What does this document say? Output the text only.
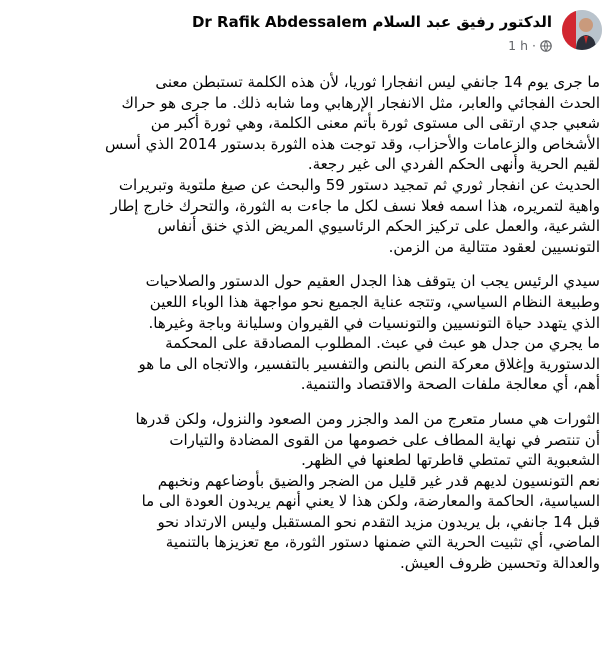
Dr Rafik Abdessalem الدكتور رفيق عبد السلام
1 h ·

ما جرى يوم 14 جانفي ليس انفجارا ثوريا، لأن هذه الكلمة تستبطن معنى
الحدث الفجائي والعابر، مثل الانفجار الإرهابي وما شابه ذلك. ما جرى هو حراك
شعبي جدي ارتقى الى مستوى ثورة بأتم معنى الكلمة، وهي ثورة أكبر من
الأشخاص والزعامات والأحزاب، وقد توجت هذه الثورة بدستور 2014 الذي أسس
لقيم الحرية وأنهى الحكم الفردي الى غير رجعة.
الحديث عن انفجار ثوري ثم تمجيد دستور 59 والبحث عن صيغ ملتوية وتبريرات
واهية لتمريره، هذا اسمه فعلا نسف لكل ما جاءت به الثورة، والتحرك خارج إطار
الشرعية، والعمل على تركيز الحكم الرئاسيوي المريض الذي خنق أنفاس
التونسيين لعقود متتالية من الزمن.

سيدي الرئيس يجب ان يتوقف هذا الجدل العقيم حول الدستور والصلاحيات
وطبيعة النظام السياسي، وتتجه عناية الجميع نحو مواجهة هذا الوباء اللعين
الذي يتهدد حياة التونسيين والتونسيات في القيروان وسليانة وباجة وغيرها.
ما يجري من جدل هو عبث في عبث. المطلوب المصادقة على المحكمة
الدستورية وإغلاق معركة النص بالنص والتفسير بالتفسير، والاتجاه الى ما هو
أهم، أي معالجة ملفات الصحة والاقتصاد والتنمية.

الثورات هي مسار متعرج من المد والجزر ومن الصعود والنزول، ولكن قدرها
أن تنتصر في نهاية المطاف على خصومها من القوى المضادة والتيارات
الشعبوية التي تمتطي قاطرتها لطعنها في الظهر.
نعم التونسيون لديهم قدر غير قليل من الضجر والضيق بأوضاعهم ونخبهم
السياسية، الحاكمة والمعارضة، ولكن هذا لا يعني أنهم يريدون العودة الى ما
قبل 14 جانفي، بل يريدون مزيد التقدم نحو المستقبل وليس الارتداد نحو
الماضي، أي تثبيت الحرية التي ضمنها دستور الثورة، مع تعزيزها بالتنمية
والعدالة وتحسين ظروف العيش.
